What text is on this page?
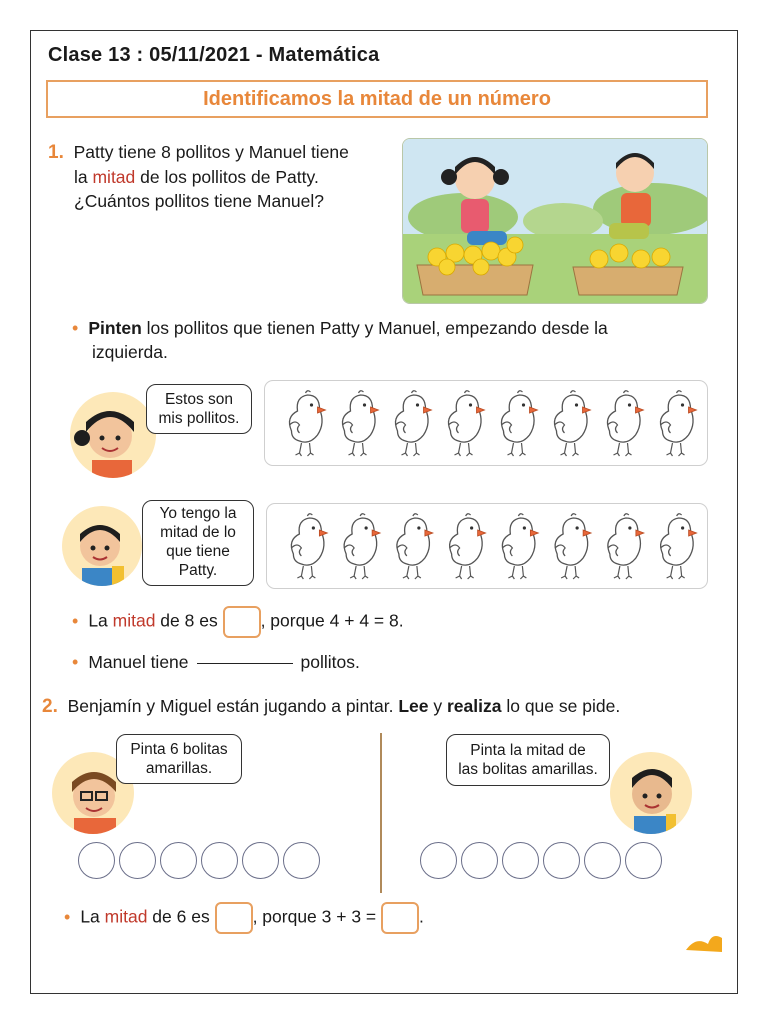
Clase 13 : 05/11/2021 - Matemática
Identificamos la mitad de un número
1. Patty tiene 8 pollitos y Manuel tiene
la mitad de los pollitos de Patty.
¿Cuántos pollitos tiene Manuel?
• Pinten los pollitos que tienen Patty y Manuel, empezando desde la
izquierda.
Estos son
mis pollitos.
Yo tengo la
mitad de lo
que tiene
Patty.
• La mitad de 8 es , porque 4 + 4 = 8.
• Manuel tiene	pollitos.
2. Benjamín y Miguel están jugando a pintar. Lee y realiza lo que se pide.
Pinta 6 bolitas
amarillas.
Pinta la mitad de
las bolitas amarillas.
• La mitad de 6 es , porque 3 + 3 = .
